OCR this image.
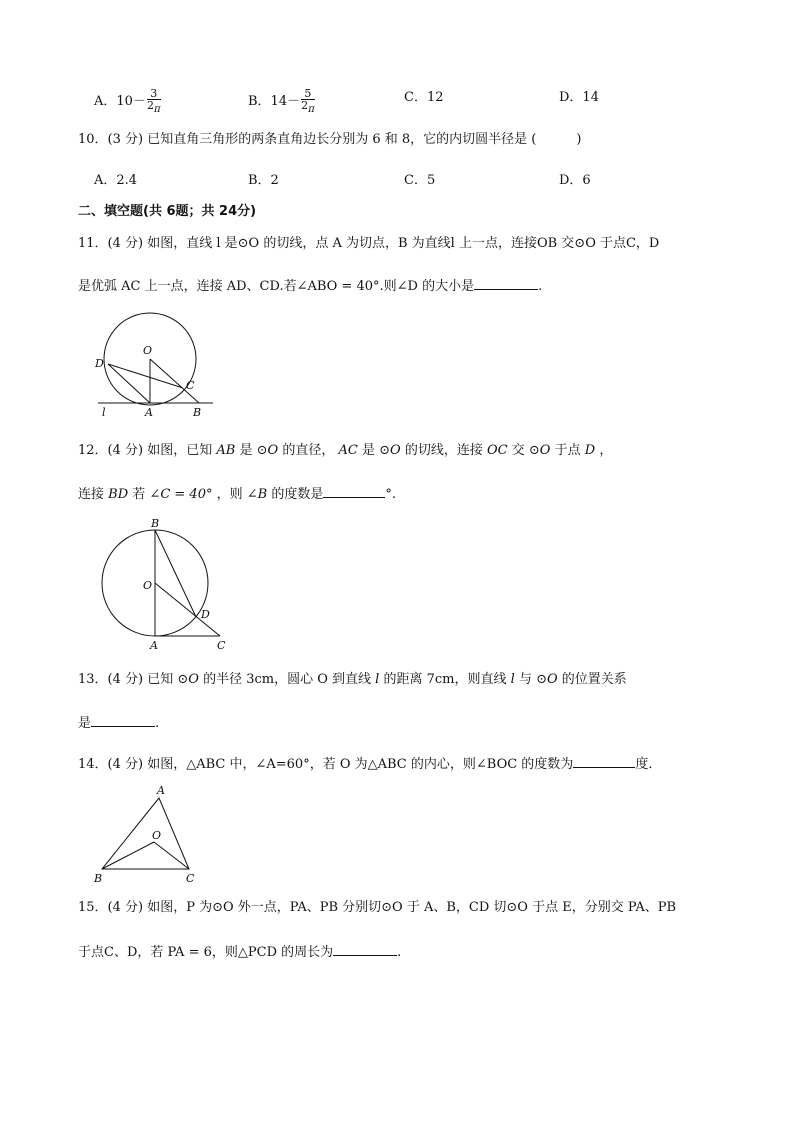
A．$10- \frac{3}{2\pi}$	B．$14- \frac{5}{2\pi}$	C．12	D．14
10．(3 分) 已知直角三角形的两条直角边长分别为 6 和 8，它的内切圆半径是 (	)
A．2.4	B．2	C．5	D．6
二、填空题(共 6题；共 24分)
11．(4 分) 如图，直线 l 是⊙O 的切线，点 A 为切点，B 为直线l 上一点，连接OB 交⊙O 于点C，D
是优弧 AC 上一点，连接 AD、CD.若∠ABO = 40°.则∠D 的大小是	.
D
O
C
l	A	B
12．(4 分) 如图，已知 AB 是 ⊙O 的直径， AC 是 ⊙O 的切线，连接 OC 交 ⊙O 于点 D ，
连接 BD 若 ∠C = 40° ，则 ∠B 的度数是	°.
B
O
D
A	C
13．(4 分) 已知 ⊙O 的半径 3cm，圆心 O 到直线 l 的距离 7cm，则直线 l 与 ⊙O 的位置关系
是	.
14．(4 分) 如图，△ABC 中，∠A=60°，若 O 为△ABC 的内心，则∠BOC 的度数为	度．
A
O
B	C
15．(4 分) 如图，P 为⊙O 外一点，PA、PB 分别切⊙O 于 A、B，CD 切⊙O 于点 E，分别交 PA、PB
于点C、D，若 PA = 6，则△PCD 的周长为	.
